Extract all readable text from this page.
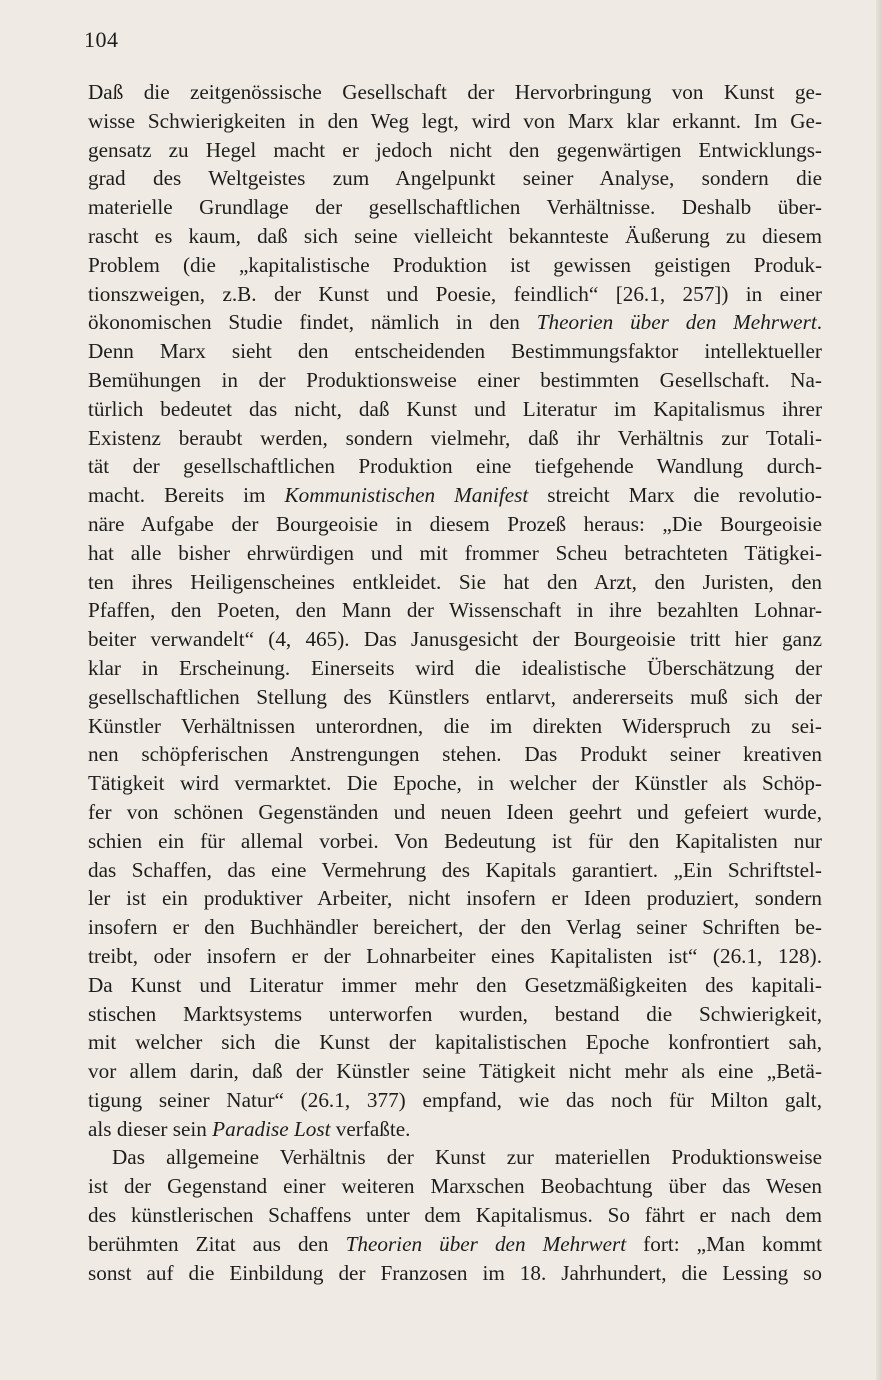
104
Daß die zeitgenössische Gesellschaft der Hervorbringung von Kunst ge-
wisse Schwierigkeiten in den Weg legt, wird von Marx klar erkannt. Im Ge-
gensatz zu Hegel macht er jedoch nicht den gegenwärtigen Entwicklungs-
grad des Weltgeistes zum Angelpunkt seiner Analyse, sondern die
materielle Grundlage der gesellschaftlichen Verhältnisse. Deshalb über-
rascht es kaum, daß sich seine vielleicht bekannteste Äußerung zu diesem
Problem (die „kapitalistische Produktion ist gewissen geistigen Produk-
tionszweigen, z.B. der Kunst und Poesie, feindlich“ [26.1, 257]) in einer
ökonomischen Studie findet, nämlich in den Theorien über den Mehrwert.
Denn Marx sieht den entscheidenden Bestimmungsfaktor intellektueller
Bemühungen in der Produktionsweise einer bestimmten Gesellschaft. Na-
türlich bedeutet das nicht, daß Kunst und Literatur im Kapitalismus ihrer
Existenz beraubt werden, sondern vielmehr, daß ihr Verhältnis zur Totali-
tät der gesellschaftlichen Produktion eine tiefgehende Wandlung durch-
macht. Bereits im Kommunistischen Manifest streicht Marx die revolutio-
näre Aufgabe der Bourgeoisie in diesem Prozeß heraus: „Die Bourgeoisie
hat alle bisher ehrwürdigen und mit frommer Scheu betrachteten Tätigkei-
ten ihres Heiligenscheines entkleidet. Sie hat den Arzt, den Juristen, den
Pfaffen, den Poeten, den Mann der Wissenschaft in ihre bezahlten Lohnar-
beiter verwandelt“ (4, 465). Das Janusgesicht der Bourgeoisie tritt hier ganz
klar in Erscheinung. Einerseits wird die idealistische Überschätzung der
gesellschaftlichen Stellung des Künstlers entlarvt, andererseits muß sich der
Künstler Verhältnissen unterordnen, die im direkten Widerspruch zu sei-
nen schöpferischen Anstrengungen stehen. Das Produkt seiner kreativen
Tätigkeit wird vermarktet. Die Epoche, in welcher der Künstler als Schöp-
fer von schönen Gegenständen und neuen Ideen geehrt und gefeiert wurde,
schien ein für allemal vorbei. Von Bedeutung ist für den Kapitalisten nur
das Schaffen, das eine Vermehrung des Kapitals garantiert. „Ein Schriftstel-
ler ist ein produktiver Arbeiter, nicht insofern er Ideen produziert, sondern
insofern er den Buchhändler bereichert, der den Verlag seiner Schriften be-
treibt, oder insofern er der Lohnarbeiter eines Kapitalisten ist“ (26.1, 128).
Da Kunst und Literatur immer mehr den Gesetzmäßigkeiten des kapitali-
stischen Marktsystems unterworfen wurden, bestand die Schwierigkeit,
mit welcher sich die Kunst der kapitalistischen Epoche konfrontiert sah,
vor allem darin, daß der Künstler seine Tätigkeit nicht mehr als eine „Betä-
tigung seiner Natur“ (26.1, 377) empfand, wie das noch für Milton galt,
als dieser sein Paradise Lost verfaßte.
Das allgemeine Verhältnis der Kunst zur materiellen Produktionsweise
ist der Gegenstand einer weiteren Marxschen Beobachtung über das Wesen
des künstlerischen Schaffens unter dem Kapitalismus. So fährt er nach dem
berühmten Zitat aus den Theorien über den Mehrwert fort: „Man kommt
sonst auf die Einbildung der Franzosen im 18. Jahrhundert, die Lessing so
